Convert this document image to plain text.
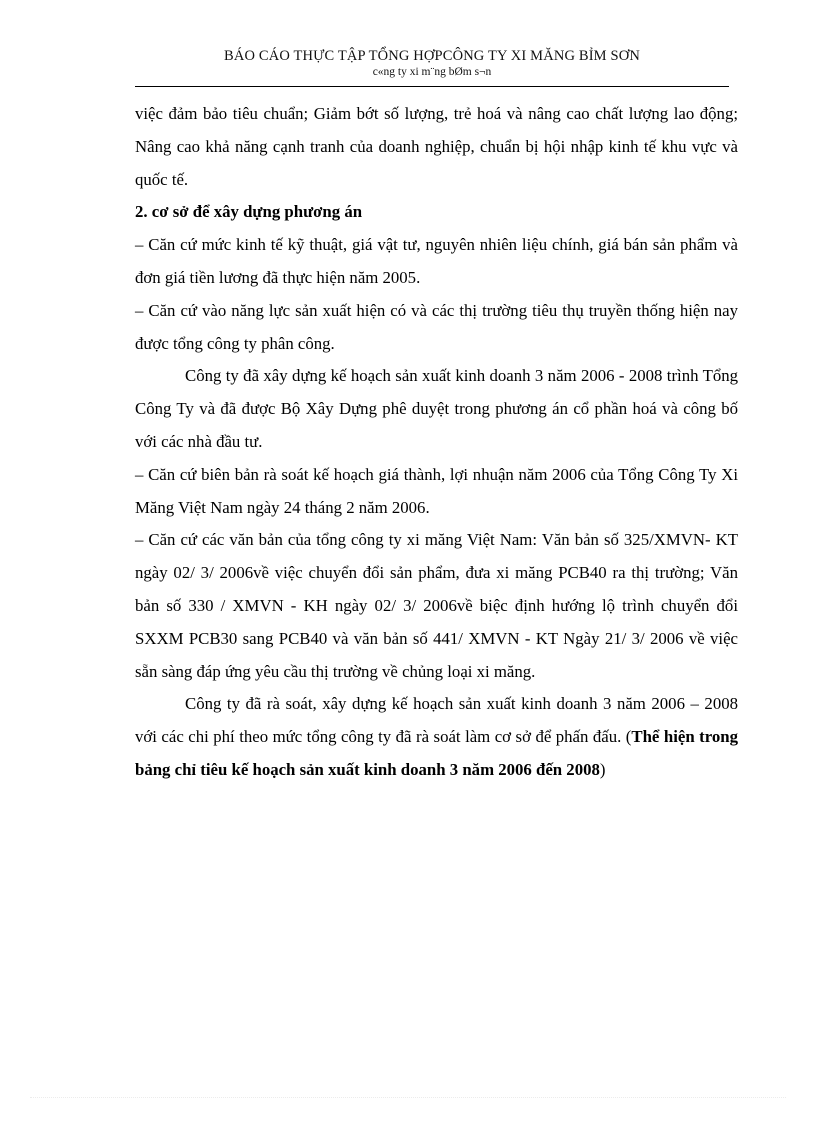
BÁO CÁO THỰC TẬP TỔNG HỢPCÔNG TY XI MĂNG BỈM SƠN
c«ng ty xi m¨ng bØm s¬n

việc đảm bảo tiêu chuẩn; Giảm bớt số lượng, trẻ hoá và nâng cao chất lượng lao động; Nâng cao khả năng cạnh tranh của doanh nghiệp, chuẩn bị hội nhập kinh tế khu vực và quốc tế.

2. cơ sở để xây dựng phương án

– Căn cứ mức kinh tế kỹ thuật, giá vật tư, nguyên nhiên liệu chính, giá bán sản phẩm và đơn giá tiền lương đã thực hiện năm 2005.

– Căn cứ vào năng lực sản xuất hiện có và các thị trường tiêu thụ truyền thống hiện nay được tổng công ty phân công.

Công ty đã xây dựng kế hoạch sản xuất kinh doanh 3 năm 2006 - 2008 trình Tổng Công Ty và đã được Bộ Xây Dựng phê duyệt trong phương án cổ phần hoá và công bố với các nhà đầu tư.

– Căn cứ biên bản rà soát kế hoạch giá thành, lợi nhuận năm 2006 của Tổng Công Ty Xi Măng Việt Nam ngày 24 tháng 2 năm 2006.

– Căn cứ các văn bản của tổng công ty xi măng Việt Nam: Văn bản số 325/XMVN- KT ngày 02/ 3/ 2006về việc chuyển đổi sản phẩm, đưa xi măng PCB40 ra thị trường; Văn bản số 330 / XMVN - KH ngày 02/ 3/ 2006về biệc định hướng lộ trình chuyển đổi SXXM PCB30 sang PCB40 và văn bản số 441/ XMVN - KT Ngày 21/ 3/ 2006 về việc sẵn sàng đáp ứng yêu cầu thị trường về chủng loại xi măng.

Công ty đã rà soát, xây dựng kế hoạch sản xuất kinh doanh 3 năm 2006 – 2008 với các chi phí theo mức tổng công ty đã rà soát làm cơ sở để phấn đấu. (Thể hiện trong bảng chỉ tiêu kế hoạch sản xuất kinh doanh 3 năm 2006 đến 2008)
